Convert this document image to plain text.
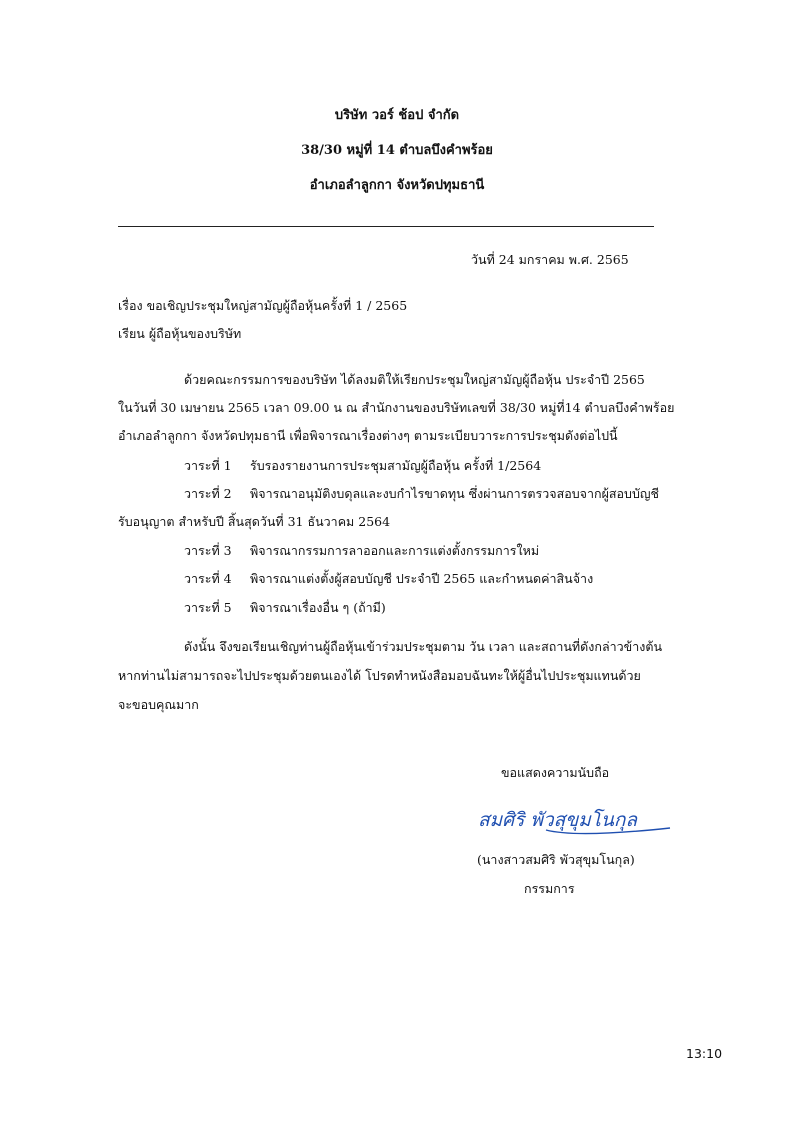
บริษัท วอร์ ช้อป จำกัด
38/30 หมู่ที่ 14 ตำบลบึงคำพร้อย
อำเภอลำลูกกา จังหวัดปทุมธานี
วันที่ 24 มกราคม พ.ศ. 2565
เรื่อง ขอเชิญประชุมใหญ่สามัญผู้ถือหุ้นครั้งที่ 1 / 2565
เรียน ผู้ถือหุ้นของบริษัท
ด้วยคณะกรรมการของบริษัท ได้ลงมติให้เรียกประชุมใหญ่สามัญผู้ถือหุ้น ประจำปี 2565
ในวันที่ 30 เมษายน 2565 เวลา 09.00 น ณ สำนักงานของบริษัทเลขที่ 38/30 หมู่ที่14 ตำบลบึงคำพร้อย
อำเภอลำลูกกา จังหวัดปทุมธานี เพื่อพิจารณาเรื่องต่างๆ ตามระเบียบวาระการประชุมดังต่อไปนี้
วาระที่ 1 รับรองรายงานการประชุมสามัญผู้ถือหุ้น ครั้งที่ 1/2564
วาระที่ 2 พิจารณาอนุมัติงบดุลและงบกำไรขาดทุน ซึ่งผ่านการตรวจสอบจากผู้สอบบัญชี
รับอนุญาต สำหรับปี สิ้นสุดวันที่ 31 ธันวาคม 2564
วาระที่ 3 พิจารณากรรมการลาออกและการแต่งตั้งกรรมการใหม่
วาระที่ 4 พิจารณาแต่งตั้งผู้สอบบัญชี ประจำปี 2565 และกำหนดค่าสินจ้าง
วาระที่ 5 พิจารณาเรื่องอื่น ๆ (ถ้ามี)
ดังนั้น จึงขอเรียนเชิญท่านผู้ถือหุ้นเข้าร่วมประชุมตาม วัน เวลา และสถานที่ดังกล่าวข้างต้น
หากท่านไม่สามารถจะไปประชุมด้วยตนเองได้ โปรดทำหนังสือมอบฉันทะให้ผู้อื่นไปประชุมแทนด้วย
จะขอบคุณมาก
ขอแสดงความนับถือ
สมศิริ พัวสุขุมโนกุล
(นางสาวสมศิริ พัวสุขุมโนกุล)
กรรมการ
13:10
